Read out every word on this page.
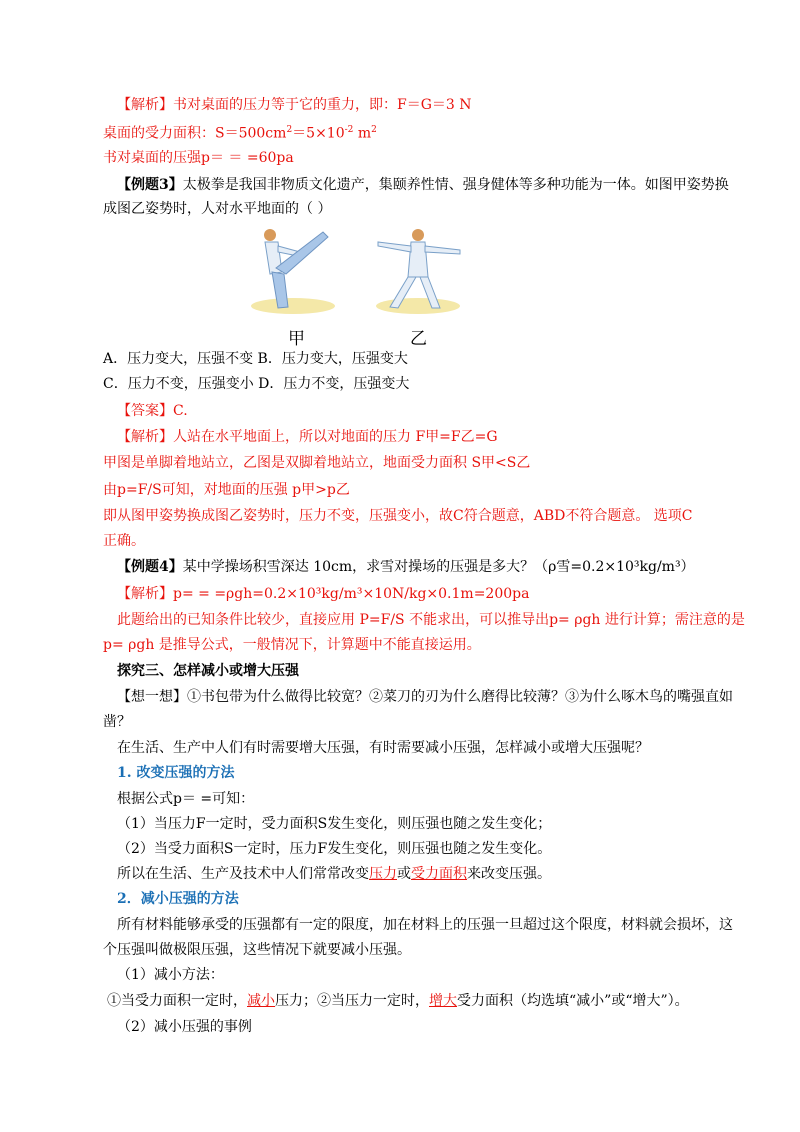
【解析】书对桌面的压力等于它的重力，即：F＝G＝3 N
桌面的受力面积：$S=500cm^2=5\times 10^{-2}$ $m^2$
书对桌面的压强p＝ ＝ =60pa
【例题3】太极拳是我国非物质文化遗产，集颐养性情、强身健体等多种功能为一体。如图甲姿势换
成图乙姿势时，人对水平地面的（ ）
甲	乙
A．压力变大，压强不变 B．压力变大，压强变大
C．压力不变，压强变小 D．压力不变，压强变大
【答案】C.
【解析】人站在水平地面上，所以对地面的压力 F甲=F乙=G
甲图是单脚着地站立，乙图是双脚着地站立，地面受力面积 S甲<S乙
由p=F/S可知，对地面的压强 p甲>p乙
即从图甲姿势换成图乙姿势时，压力不变，压强变小，故C符合题意，ABD不符合题意。 选项C
正确。
【例题4】某中学操场积雪深达 10cm，求雪对操场的压强是多大？（ρ雪=0.2×10³kg/m³）
【解析】p= = =ρgh=0.2×10³kg/m³×10N/kg×0.1m=200pa
此题给出的已知条件比较少，直接应用 P=F/S 不能求出，可以推导出p= ρgh 进行计算；需注意的是
p= ρgh 是推导公式，一般情况下，计算题中不能直接运用。
探究三、怎样减小或增大压强
【想一想】①书包带为什么做得比较宽？②菜刀的刃为什么磨得比较薄？③为什么啄木鸟的嘴强直如
凿？
在生活、生产中人们有时需要增大压强，有时需要减小压强，怎样减小或增大压强呢？
1. 改变压强的方法
根据公式p＝ =可知：
（1）当压力F一定时，受力面积S发生变化，则压强也随之发生变化；
（2）当受力面积S一定时，压力F发生变化，则压强也随之发生变化。
所以在生活、生产及技术中人们常常改变压力或受力面积来改变压强。
2．减小压强的方法
所有材料能够承受的压强都有一定的限度，加在材料上的压强一旦超过这个限度，材料就会损坏，这
个压强叫做极限压强，这些情况下就要减小压强。
（1）减小方法：
①当受力面积一定时，减小压力；②当压力一定时，增大受力面积（均选填“减小”或“增大”）。
（2）减小压强的事例
